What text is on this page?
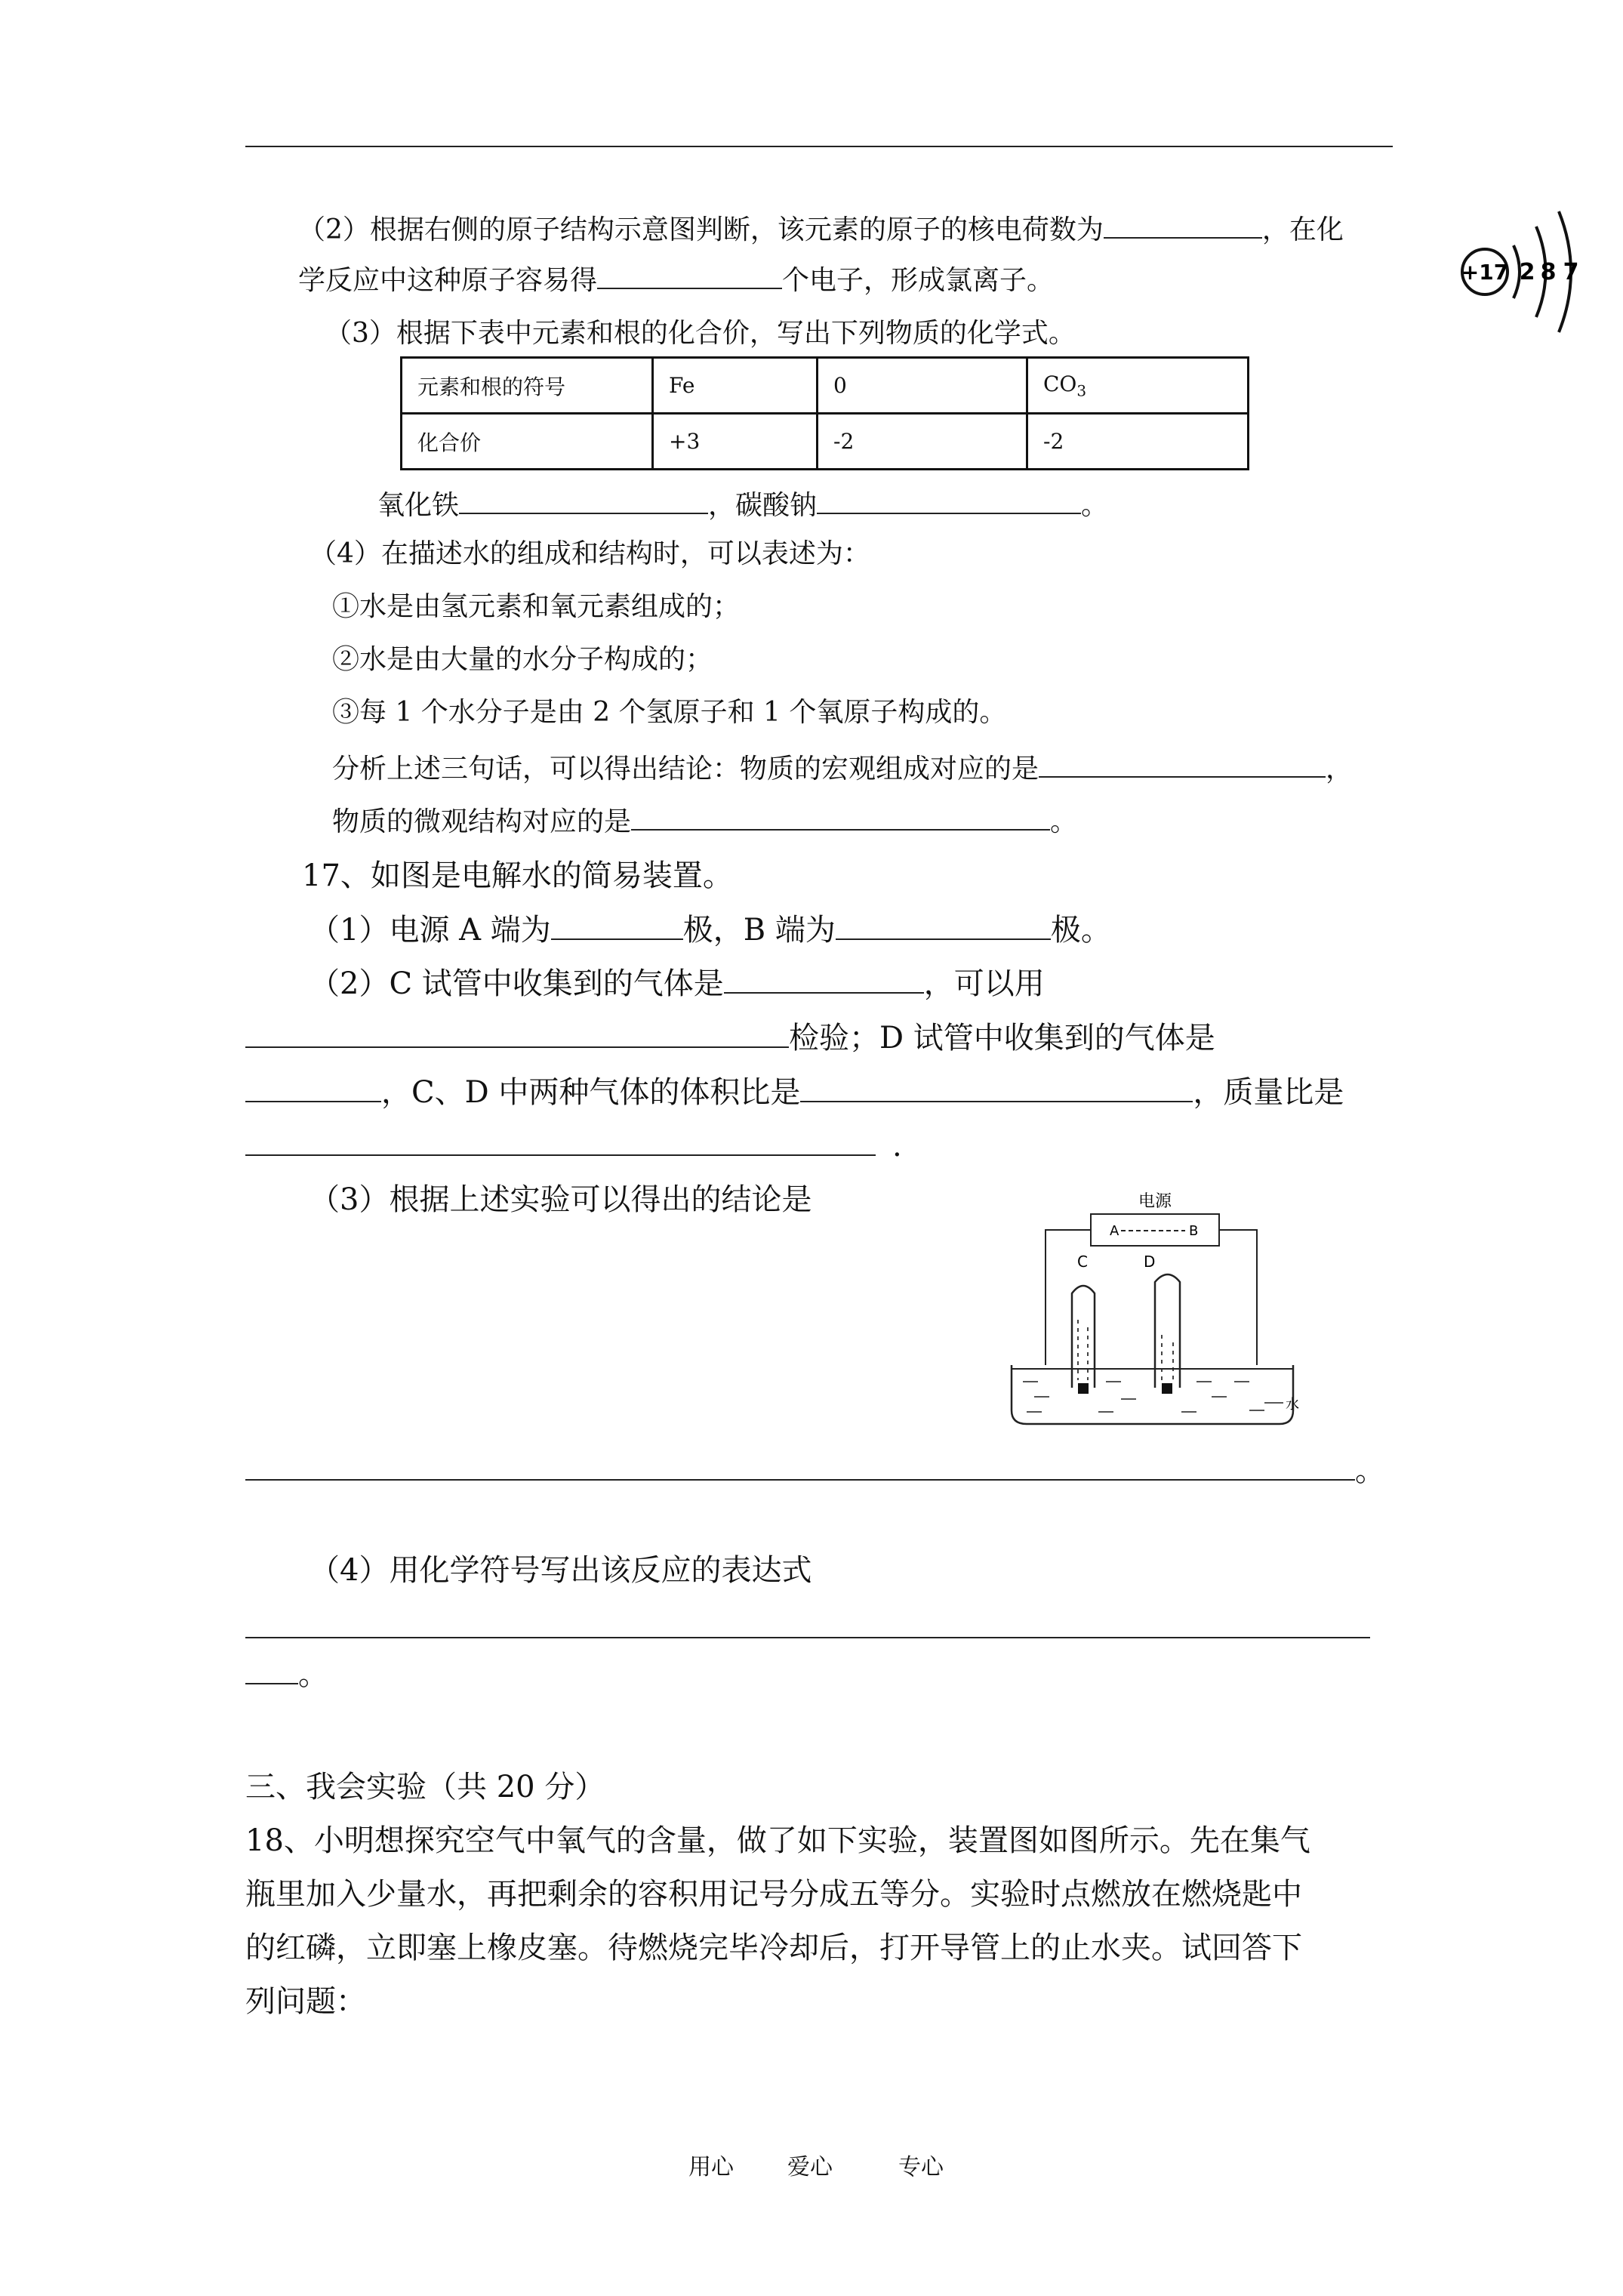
（2）根据右侧的原子结构示意图判断，该元素的原子的核电荷数为	，在化
学反应中这种原子容易得	个电子，形成氯离子。	+17 2 8 7
（3）根据下表中元素和根的化合价，写出下列物质的化学式。
元素和根的符号	Fe	0	$CO_3$
化合价	+3	-2	-2
氧化铁	，碳酸钠	。
（4）在描述水的组成和结构时，可以表述为：
①水是由氢元素和氧元素组成的；
②水是由大量的水分子构成的；
③每 1 个水分子是由 2 个氢原子和 1 个氧原子构成的。
分析上述三句话，可以得出结论：物质的宏观组成对应的是	，
物质的微观结构对应的是	。
17、如图是电解水的简易装置。
（1）电源 A 端为	极，B 端为	极。
（2）C 试管中收集到的气体是	，可以用
检验；D 试管中收集到的气体是
，C、D 中两种气体的体积比是	，质量比是
.
（3）根据上述实验可以得出的结论是	电源
A	B
C	D
水
。
（4）用化学符号写出该反应的表达式
。
三、我会实验（共 20 分）
18、小明想探究空气中氧气的含量，做了如下实验，装置图如图所示。先在集气
瓶里加入少量水，再把剩余的容积用记号分成五等分。实验时点燃放在燃烧匙中
的红磷，立即塞上橡皮塞。待燃烧完毕冷却后，打开导管上的止水夹。试回答下
列问题：
用心 爱心	专心
